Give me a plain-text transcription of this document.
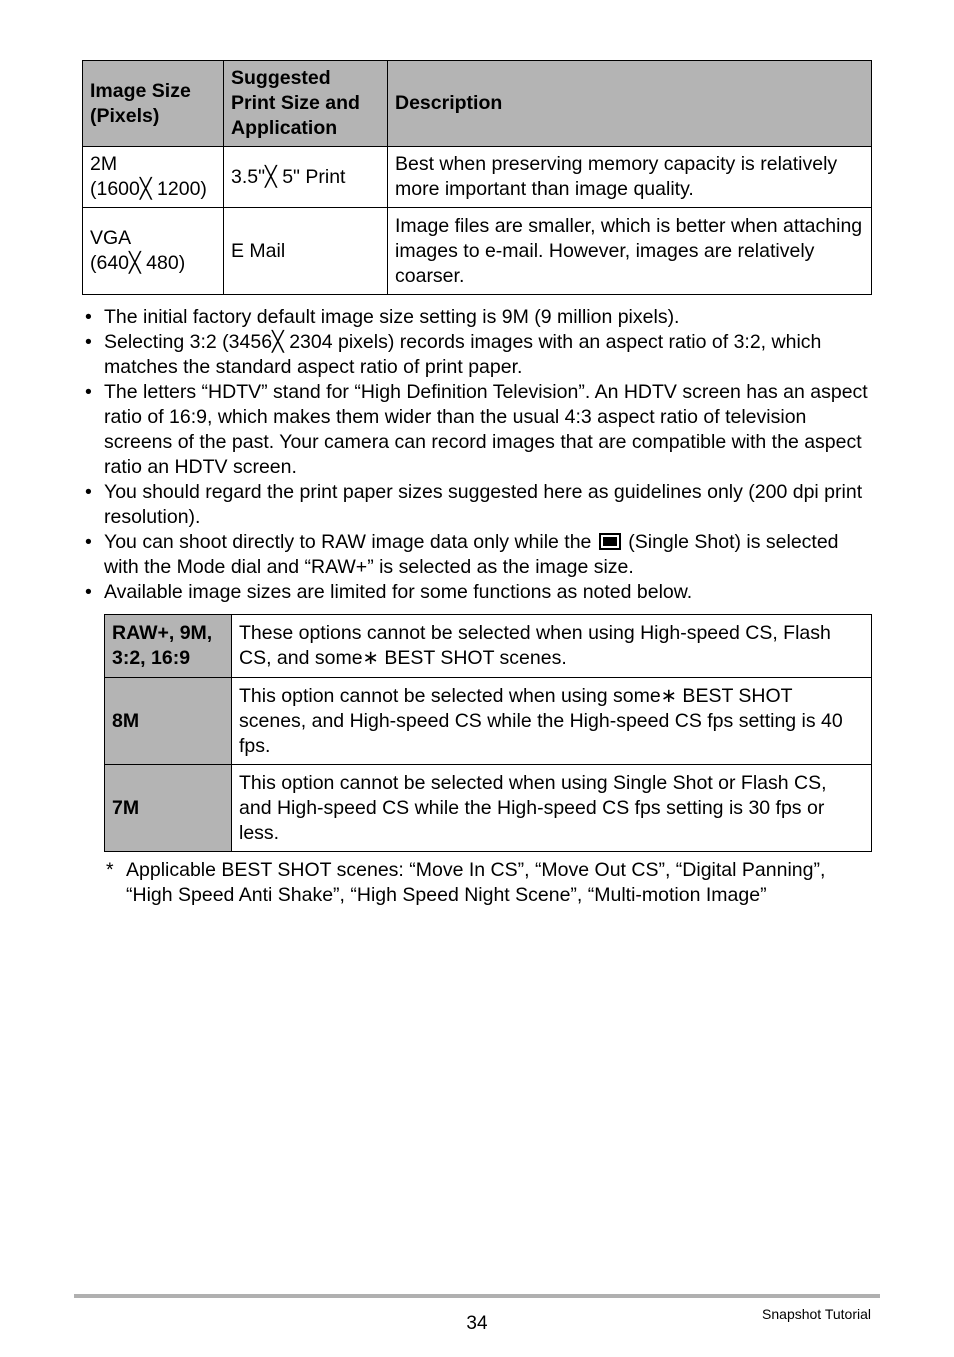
Image Size (Pixels)	Suggested Print Size and Application	Description
2M
(1600╳ 1200)	3.5"╳ 5" Print	Best when preserving memory capacity is relatively more important than image quality.
VGA
(640╳ 480)	E Mail	Image files are smaller, which is better when attaching images to e-mail. However, images are relatively coarser.
• The initial factory default image size setting is 9M (9 million pixels).
• Selecting 3:2 (3456╳ 2304 pixels) records images with an aspect ratio of 3:2, which matches the standard aspect ratio of print paper.
• The letters “HDTV” stand for “High Definition Television”. An HDTV screen has an aspect ratio of 16:9, which makes them wider than the usual 4:3 aspect ratio of television screens of the past. Your camera can record images that are compatible with the aspect ratio an HDTV screen.
• You should regard the print paper sizes suggested here as guidelines only (200 dpi print resolution).
• You can shoot directly to RAW image data only while the (Single Shot) is selected with the Mode dial and “RAW+” is selected as the image size.
• Available image sizes are limited for some functions as noted below.
RAW+, 9M, 3:2, 16:9	These options cannot be selected when using High-speed CS, Flash CS, and some∗ BEST SHOT scenes.
8M	This option cannot be selected when using some∗ BEST SHOT scenes, and High-speed CS while the High-speed CS fps setting is 40 fps.
7M	This option cannot be selected when using Single Shot or Flash CS, and High-speed CS while the High-speed CS fps setting is 30 fps or less.
* Applicable BEST SHOT scenes: “Move In CS”, “Move Out CS”, “Digital Panning”, “High Speed Anti Shake”, “High Speed Night Scene”, “Multi-motion Image”
34	Snapshot Tutorial
